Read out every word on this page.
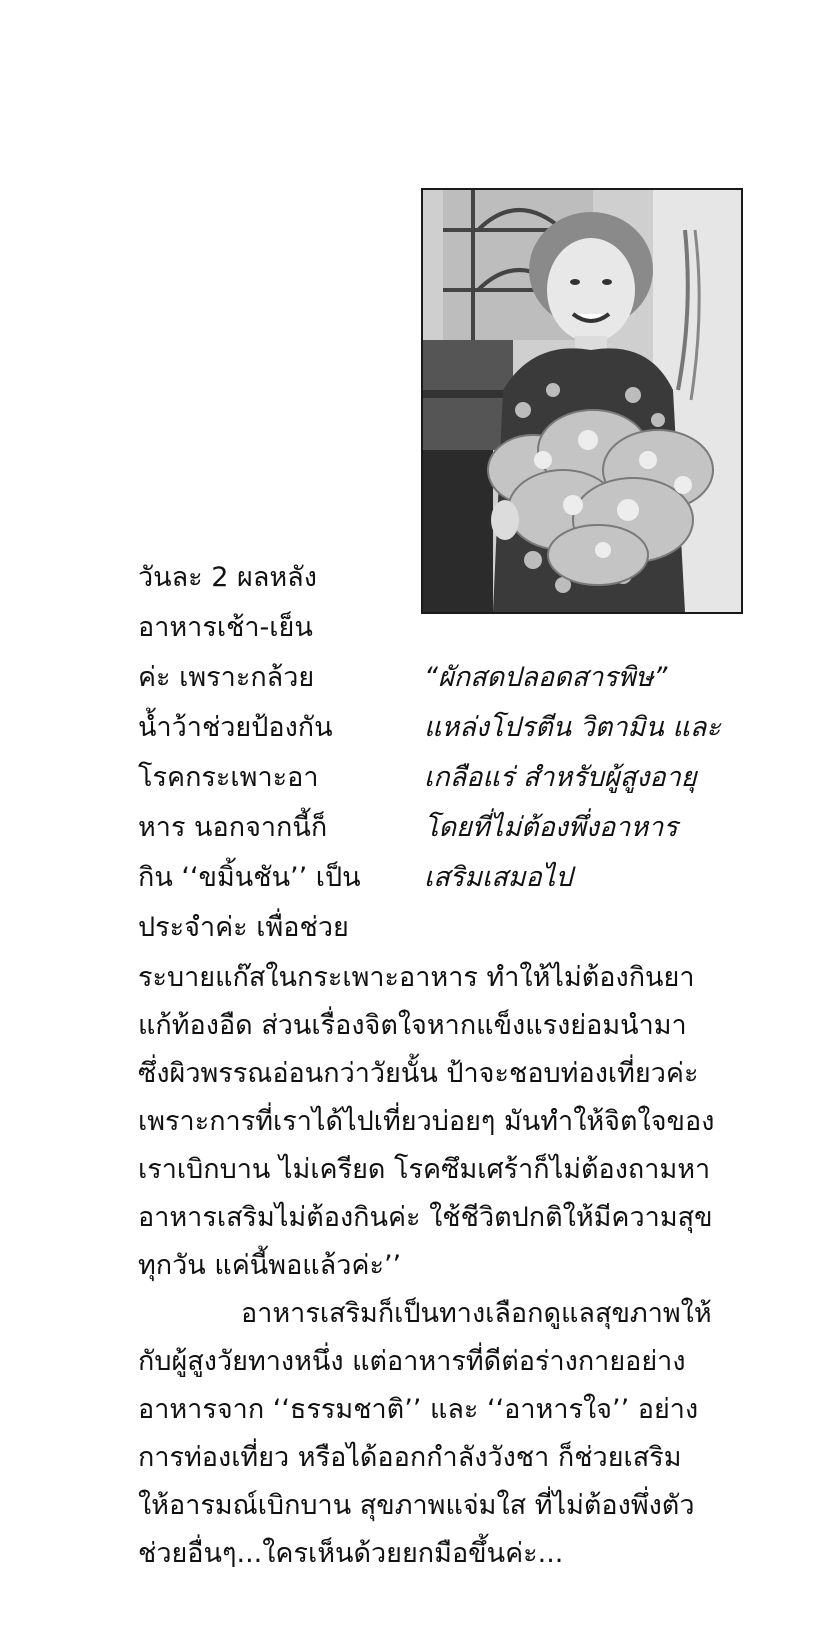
วันละ 2 ผลหลัง
อาหารเช้า-เย็น
ค่ะ เพราะกล้วย
น้ำว้าช่วยป้องกัน
โรคกระเพาะอา
หาร นอกจากนี้ก็
กิน ‘‘ขมิ้นชัน’’ เป็น
ประจำค่ะ เพื่อช่วย
“ผักสดปลอดสารพิษ”
แหล่งโปรตีน วิตามิน และ
เกลือแร่ สำหรับผู้สูงอายุ
โดยที่ไม่ต้องพึ่งอาหาร
เสริมเสมอไป
ระบายแก๊สในกระเพาะอาหาร ทำให้ไม่ต้องกินยา
แก้ท้องอืด ส่วนเรื่องจิตใจหากแข็งแรงย่อมนำมา
ซึ่งผิวพรรณอ่อนกว่าวัยนั้น ป้าจะชอบท่องเที่ยวค่ะ
เพราะการที่เราได้ไปเที่ยวบ่อยๆ มันทำให้จิตใจของ
เราเบิกบาน ไม่เครียด โรคซึมเศร้าก็ไม่ต้องถามหา
อาหารเสริมไม่ต้องกินค่ะ ใช้ชีวิตปกติให้มีความสุข
ทุกวัน แค่นี้พอแล้วค่ะ’’
อาหารเสริมก็เป็นทางเลือกดูแลสุขภาพให้
กับผู้สูงวัยทางหนึ่ง แต่อาหารที่ดีต่อร่างกายอย่าง
อาหารจาก ‘‘ธรรมชาติ’’ และ ‘‘อาหารใจ’’ อย่าง
การท่องเที่ยว หรือได้ออกกำลังวังชา ก็ช่วยเสริม
ให้อารมณ์เบิกบาน สุขภาพแจ่มใส ที่ไม่ต้องพึ่งตัว
ช่วยอื่นๆ...ใครเห็นด้วยยกมือขึ้นค่ะ...
